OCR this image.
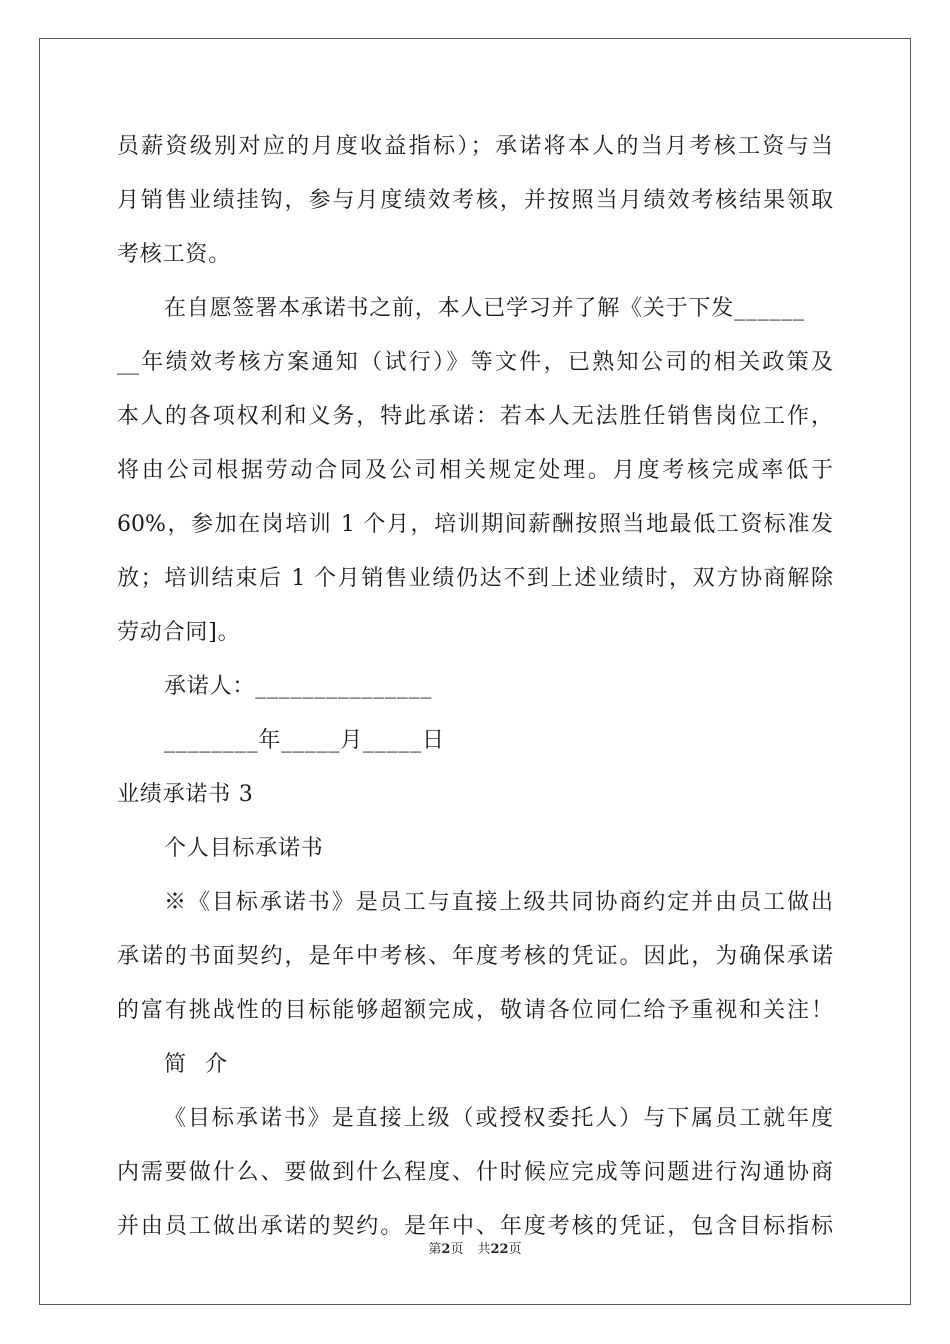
员薪资级别对应的月度收益指标）；承诺将本人的当月考核工资与当
月销售业绩挂钩，参与月度绩效考核，并按照当月绩效考核结果领取
考核工资。
在自愿签署本承诺书之前，本人已学习并了解《关于下发______
__年绩效考核方案通知（试行）》等文件，已熟知公司的相关政策及
本人的各项权利和义务，特此承诺：若本人无法胜任销售岗位工作，
将由公司根据劳动合同及公司相关规定处理。月度考核完成率低于
60%，参加在岗培训 1 个月，培训期间薪酬按照当地最低工资标准发
放；培训结束后 1 个月销售业绩仍达不到上述业绩时，双方协商解除
劳动合同]。
承诺人：_______________
________年_____月_____日
业绩承诺书 3
个人目标承诺书
※《目标承诺书》是员工与直接上级共同协商约定并由员工做出
承诺的书面契约，是年中考核、年度考核的凭证。因此，为确保承诺
的富有挑战性的目标能够超额完成，敬请各位同仁给予重视和关注！
简 介
《目标承诺书》是直接上级（或授权委托人）与下属员工就年度
内需要做什么、要做到什么程度、什时候应完成等问题进行沟通协商
并由员工做出承诺的契约。是年中、年度考核的凭证，包含目标指标
第2页 共22页
